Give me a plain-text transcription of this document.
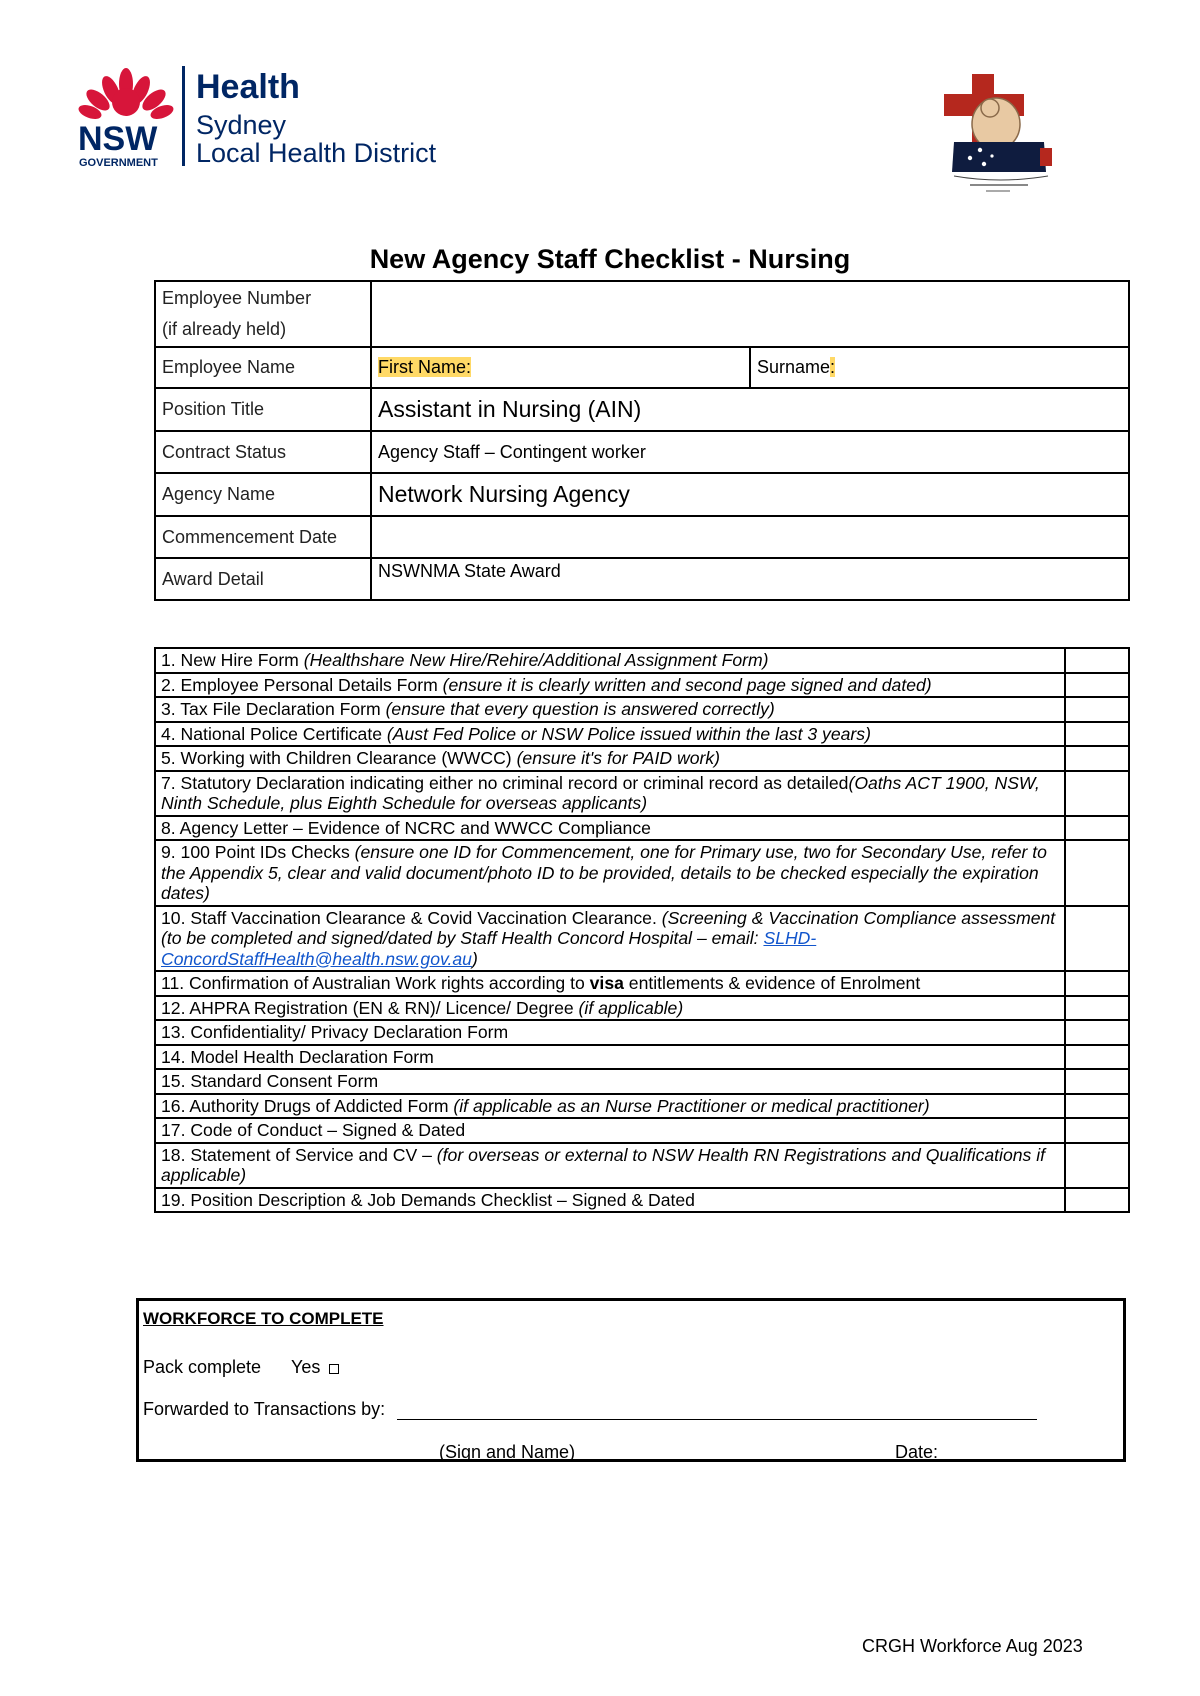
NSW
GOVERNMENT
Health
Sydney
Local Health District
New Agency Staff Checklist - Nursing
Employee Number
(if already held)		

Employee Name	First Name:	Surname:
Position Title	Assistant in Nursing (AIN)	
Contract Status	Agency Staff – Contingent worker	
Agency Name	Network Nursing Agency	
Commencement Date		
Award Detail	NSWNMA State Award	
1. New Hire Form (Healthshare New Hire/Rehire/Additional Assignment Form)		
2. Employee Personal Details Form (ensure it is clearly written and second page signed and dated)		
3. Tax File Declaration Form (ensure that every question is answered correctly)		
4. National Police Certificate (Aust Fed Police or NSW Police issued within the last 3 years)		
5. Working with Children Clearance (WWCC) (ensure it's for PAID work)		
7. Statutory Declaration indicating either no criminal record or criminal record as detailed(Oaths ACT 1900, NSW, Ninth Schedule, plus Eighth Schedule for overseas applicants)		
8. Agency Letter – Evidence of NCRC and WWCC Compliance		
9. 100 Point IDs Checks (ensure one ID for Commencement, one for Primary use, two for Secondary Use, refer to the Appendix 5, clear and valid document/photo ID to be provided, details to be checked especially the expiration dates)		
10. Staff Vaccination Clearance & Covid Vaccination Clearance. (Screening & Vaccination Compliance assessment (to be completed and signed/dated by Staff Health Concord Hospital – email: SLHD-ConcordStaffHealth@health.nsw.gov.au)		
11. Confirmation of Australian Work rights according to visa entitlements & evidence of Enrolment		
12. AHPRA Registration (EN & RN)/ Licence/ Degree (if applicable)		
13. Confidentiality/ Privacy Declaration Form		
14. Model Health Declaration Form		
15. Standard Consent Form		
16. Authority Drugs of Addicted Form (if applicable as an Nurse Practitioner or medical practitioner)		
17. Code of Conduct – Signed & Dated		
18. Statement of Service and CV – (for overseas or external to NSW Health RN Registrations and Qualifications if applicable)		
19. Position Description & Job Demands Checklist – Signed & Dated		
WORKFORCE TO COMPLETE
Pack complete Yes
Forwarded to Transactions by:
(Sign and Name)	Date:
CRGH Workforce Aug 2023
